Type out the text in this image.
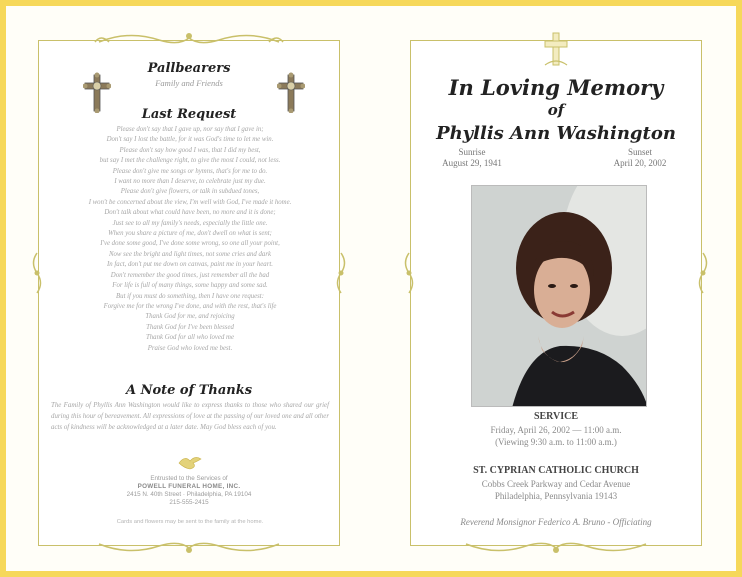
Pallbearers
Family and Friends
Last Request
Please don't say that I gave up, nor say that I gave in;
Don't say I lost the battle, for it was God's time to let me win.
Please don't say how good I was, that I did my best,
but say I met the challenge right, to give the most I could, not less.
Please don't give me songs or hymns, that's for me to do.
I want no more than I deserve, to celebrate just my due.
Please don't give flowers, or talk in subdued tones,
I won't be concerned about the view, I'm well with God, I've made it home.
Don't talk about what could have been, no more and it is done;
Just see to all my family's needs, especially the little one.
When you share a picture of me, don't dwell on what is sent;
I've done some good, I've done some wrong, so one all your point,
Now see the bright and light times, not some cries and dark
In fact, don't put me down on canvas, paint me in your heart.
Don't remember the good times, just remember all the bad
For life is full of many things, some happy and some sad.
But if you must do something, then I have one request:
Forgive me for the wrong I've done, and with the rest, that's life
Thank God for me, and rejoicing
Thank God for I've been blessed
Thank God for all who loved me
Praise God who loved me best.
A Note of Thanks
The Family of Phyllis Ann Washington would like to express thanks to those who shared our grief during this hour of bereavement. All expressions of love at the passing of our loved one and all other acts of kindness will be acknowledged at a later date. May God bless each of you.
Entrusted to the Services of
POWELL FUNERAL HOME, INC.
2415 N. 40th Street · Philadelphia, PA 19104
215-555-2415
Cards and flowers may be sent to the family at the home.
In Loving Memory
of
Phyllis Ann Washington
Sunrise
August 29, 1941
Sunset
April 20, 2002
SERVICE
Friday, April 26, 2002 — 11:00 a.m.
(Viewing 9:30 a.m. to 11:00 a.m.)
ST. CYPRIAN CATHOLIC CHURCH
Cobbs Creek Parkway and Cedar Avenue
Philadelphia, Pennsylvania 19143
Reverend Monsignor Federico A. Bruno - Officiating
